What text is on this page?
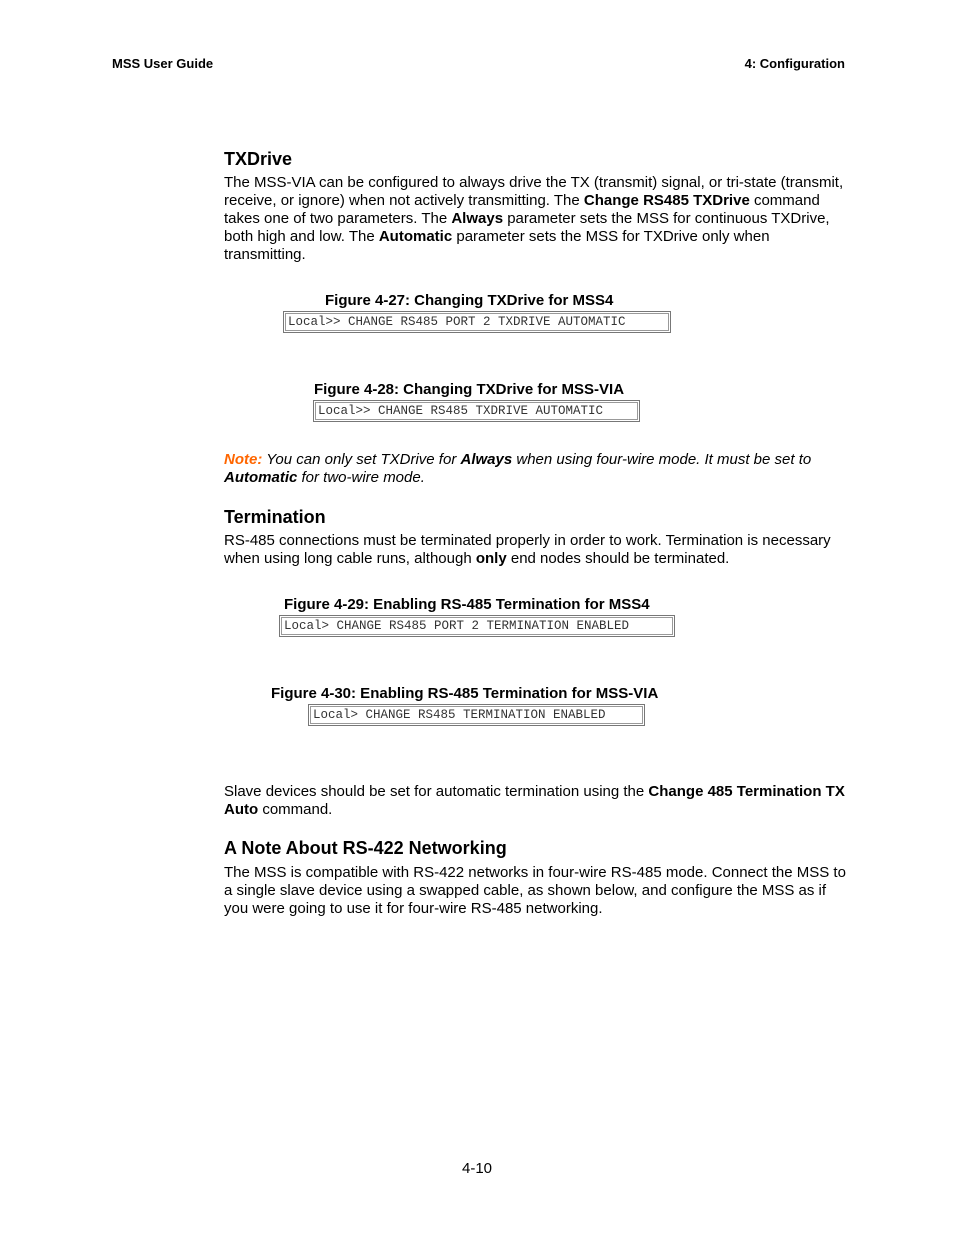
MSS User Guide	4: Configuration
TXDrive
The MSS-VIA can be configured to always drive the TX (transmit) signal, or tri-state (transmit, receive, or ignore) when not actively transmitting. The Change RS485 TXDrive command takes one of two parameters. The Always parameter sets the MSS for continuous TXDrive, both high and low. The Automatic parameter sets the MSS for TXDrive only when transmitting.
Figure 4-27: Changing TXDrive for MSS4
Local>> CHANGE RS485 PORT 2 TXDRIVE AUTOMATIC
Figure 4-28: Changing TXDrive for MSS-VIA
Local>> CHANGE RS485 TXDRIVE AUTOMATIC
Note: You can only set TXDrive for Always when using four-wire mode. It must be set to Automatic for two-wire mode.
Termination
RS-485 connections must be terminated properly in order to work. Termination is necessary when using long cable runs, although only end nodes should be terminated.
Figure 4-29: Enabling RS-485 Termination for MSS4
Local> CHANGE RS485 PORT 2 TERMINATION ENABLED
Figure 4-30: Enabling RS-485 Termination for MSS-VIA
Local> CHANGE RS485 TERMINATION ENABLED
Slave devices should be set for automatic termination using the Change 485 Termination TX Auto command.
A Note About RS-422 Networking
The MSS is compatible with RS-422 networks in four-wire RS-485 mode. Connect the MSS to a single slave device using a swapped cable, as shown below, and configure the MSS as if you were going to use it for four-wire RS-485 networking.
4-10
